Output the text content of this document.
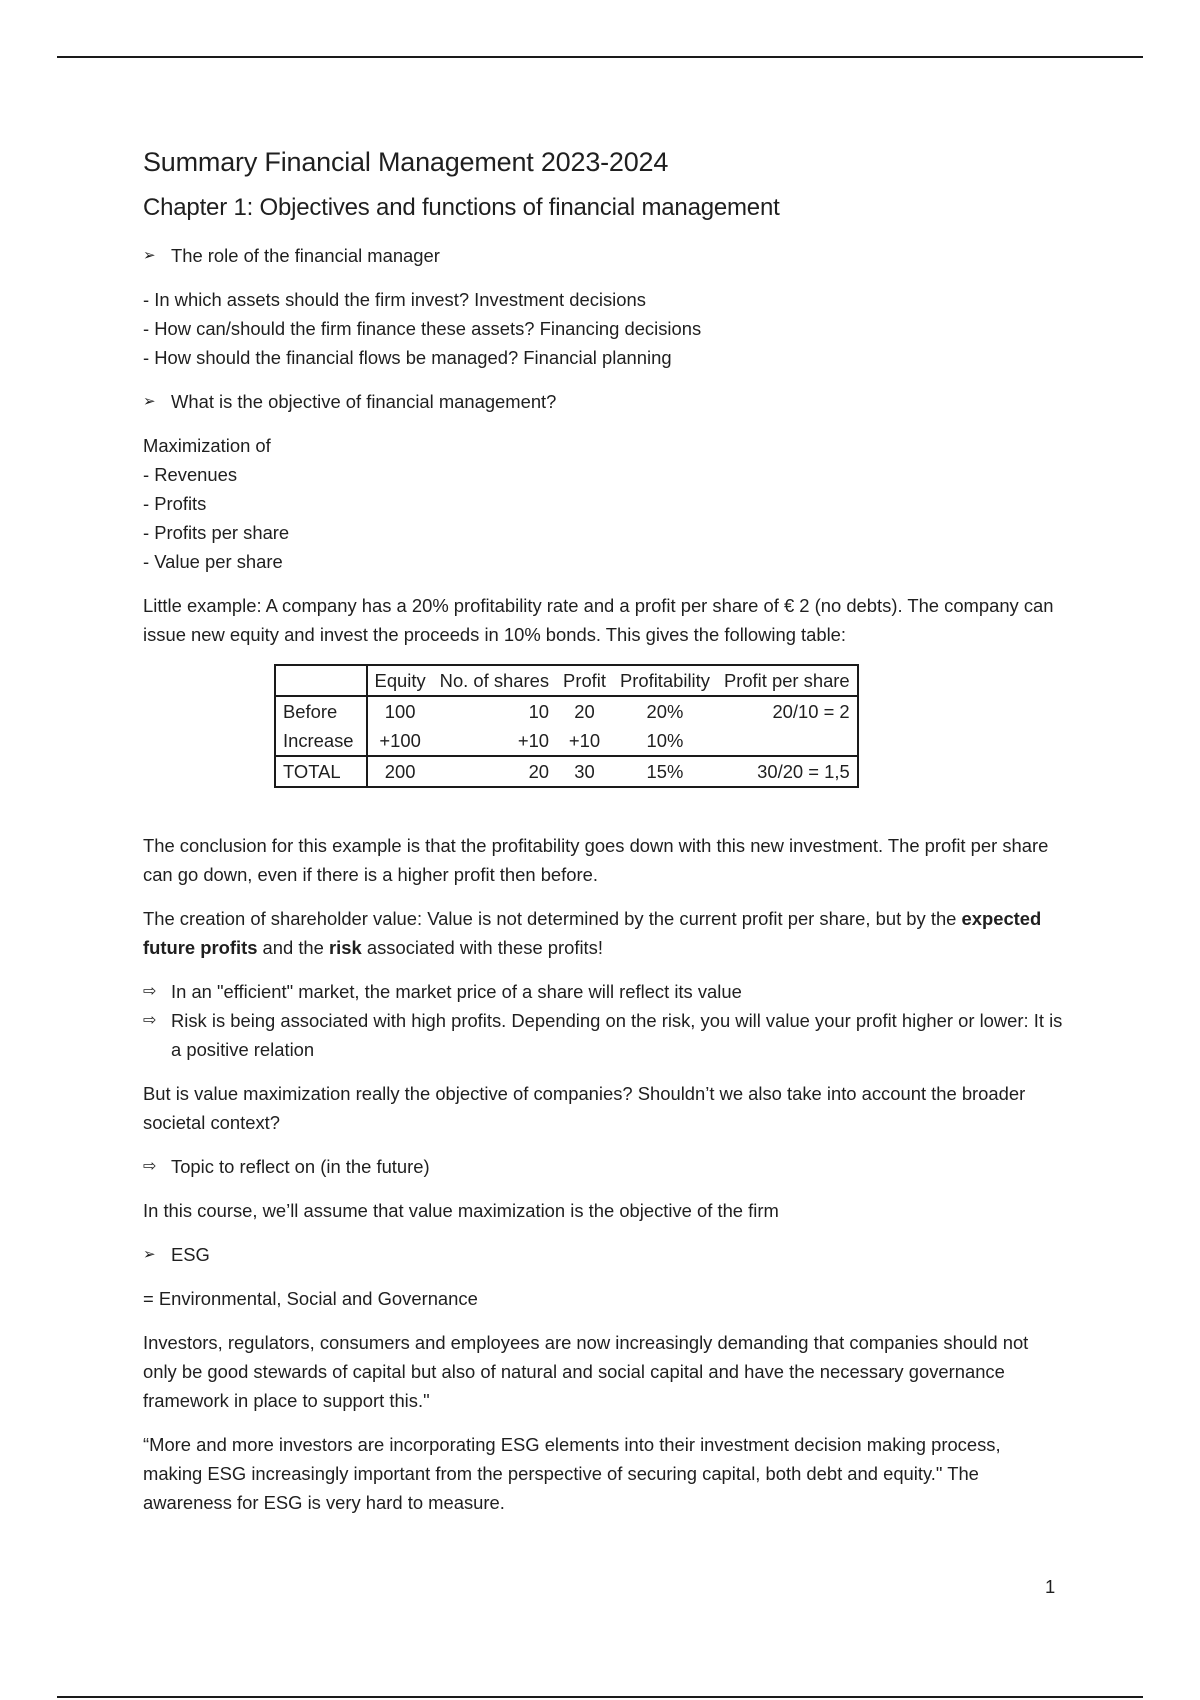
Summary Financial Management 2023-2024
Chapter 1: Objectives and functions of financial management
➢ The role of the financial manager
- In which assets should the firm invest? Investment decisions
- How can/should the firm finance these assets? Financing decisions
- How should the financial flows be managed? Financial planning
➢ What is the objective of financial management?
Maximization of
- Revenues
- Profits
- Profits per share
- Value per share

Little example: A company has a 20% profitability rate and a profit per share of € 2 (no debts). The company can issue new equity and invest the proceeds in 10% bonds. This gives the following table:

	Equity	No. of shares	Profit	Profitability	Profit per share
Before	100	10	20	20%	20/10 = 2
Increase	+100	+10	+10	10%	
TOTAL	200	20	30	15%	30/20 = 1,5

The conclusion for this example is that the profitability goes down with this new investment. The profit per share can go down, even if there is a higher profit then before.

The creation of shareholder value: Value is not determined by the current profit per share, but by the expected future profits and the risk associated with these profits!

⇨ In an "efficient" market, the market price of a share will reflect its value
⇨ Risk is being associated with high profits. Depending on the risk, you will value your profit higher or lower: It is a positive relation

But is value maximization really the objective of companies? Shouldn’t we also take into account the broader societal context?

⇨ Topic to reflect on (in the future)

In this course, we’ll assume that value maximization is the objective of the firm

➢ ESG

= Environmental, Social and Governance

Investors, regulators, consumers and employees are now increasingly demanding that companies should not only be good stewards of capital but also of natural and social capital and have the necessary governance framework in place to support this."

“More and more investors are incorporating ESG elements into their investment decision making process, making ESG increasingly important from the perspective of securing capital, both debt and equity." The awareness for ESG is very hard to measure.

1
